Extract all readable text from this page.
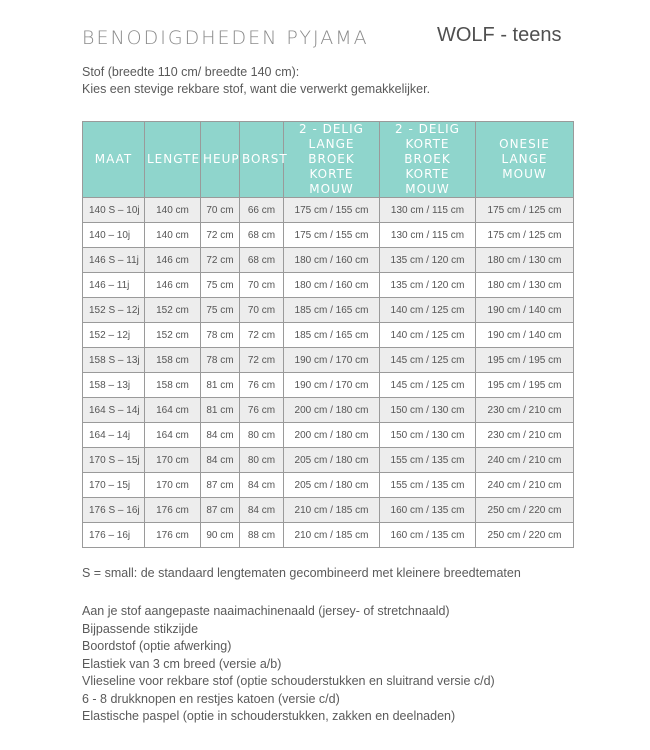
BENODIGDHEDEN PYJAMA	WOLF - teens
Stof (breedte 110 cm/ breedte 140 cm):
Kies een stevige rekbare stof, want die verwerkt gemakkelijker.
MAAT	LENGTE	HEUP	BORST	2 - DELIG
LANGE BROEK
KORTE MOUW	2 - DELIG
KORTE BROEK
KORTE MOUW	ONESIE
LANGE MOUW
140 S – 10j	140 cm	70 cm	66 cm	175 cm / 155 cm	130 cm / 115 cm	175 cm / 125 cm
140 – 10j	140 cm	72 cm	68 cm	175 cm / 155 cm	130 cm / 115 cm	175 cm / 125 cm
146 S – 11j	146 cm	72 cm	68 cm	180 cm / 160 cm	135 cm / 120 cm	180 cm / 130 cm
146 – 11j	146 cm	75 cm	70 cm	180 cm / 160 cm	135 cm / 120 cm	180 cm / 130 cm
152 S – 12j	152 cm	75 cm	70 cm	185 cm / 165 cm	140 cm / 125 cm	190 cm / 140 cm
152 – 12j	152 cm	78 cm	72 cm	185 cm / 165 cm	140 cm / 125 cm	190 cm / 140 cm
158 S – 13j	158 cm	78 cm	72 cm	190 cm / 170 cm	145 cm / 125 cm	195 cm / 195 cm
158 – 13j	158 cm	81 cm	76 cm	190 cm / 170 cm	145 cm / 125 cm	195 cm / 195 cm
164 S – 14j	164 cm	81 cm	76 cm	200 cm / 180 cm	150 cm / 130 cm	230 cm / 210 cm
164 – 14j	164 cm	84 cm	80 cm	200 cm / 180 cm	150 cm / 130 cm	230 cm / 210 cm
170 S – 15j	170 cm	84 cm	80 cm	205 cm / 180 cm	155 cm / 135 cm	240 cm / 210 cm
170 – 15j	170 cm	87 cm	84 cm	205 cm / 180 cm	155 cm / 135 cm	240 cm / 210 cm
176 S – 16j	176 cm	87 cm	84 cm	210 cm / 185 cm	160 cm / 135 cm	250 cm / 220 cm
176 – 16j	176 cm	90 cm	88 cm	210 cm / 185 cm	160 cm / 135 cm	250 cm / 220 cm
S = small: de standaard lengtematen gecombineerd met kleinere breedtematen
Aan je stof aangepaste naaimachinenaald (jersey- of stretchnaald)
Bijpassende stikzijde
Boordstof (optie afwerking)
Elastiek van 3 cm breed (versie a/b)
Vlieseline voor rekbare stof (optie schouderstukken en sluitrand versie c/d)
6 - 8 drukknopen en restjes katoen (versie c/d)
Elastische paspel (optie in schouderstukken, zakken en deelnaden)
